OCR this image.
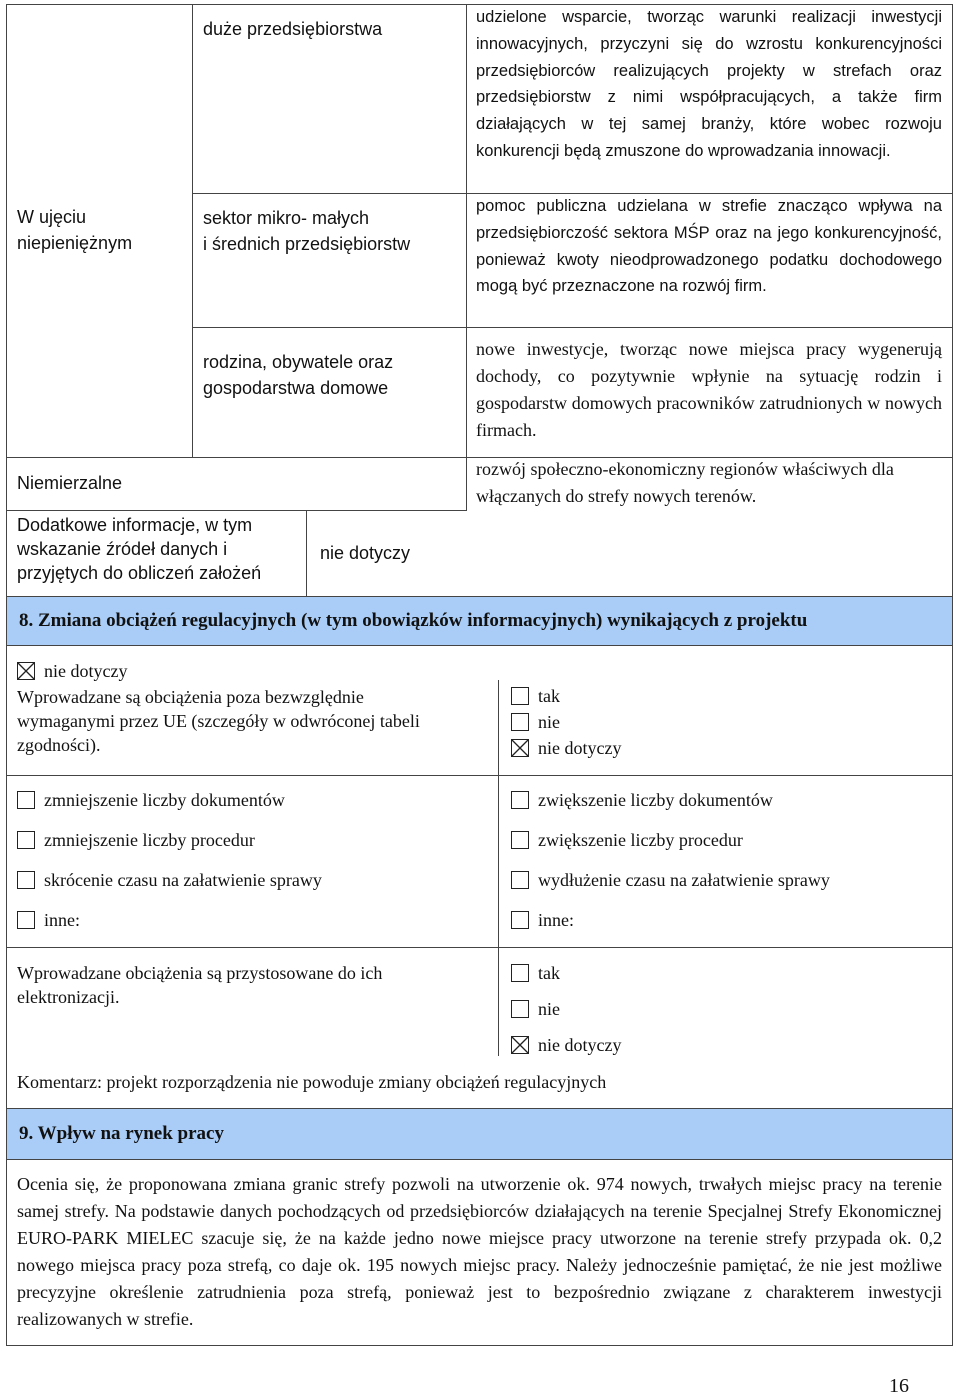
W ujęciu niepieniężnym
duże przedsiębiorstwa
sektor mikro- małych
i średnich przedsiębiorstw
rodzina, obywatele oraz gospodarstwa domowe
udzielone wsparcie, tworząc warunki realizacji inwestycji innowacyjnych, przyczyni się do wzrostu konkurencyjności przedsiębiorców realizujących projekty w strefach oraz przedsiębiorstw z nimi współpracujących, a także firm działających w tej samej branży, które wobec rozwoju konkurencji będą zmuszone do wprowadzania innowacji.
pomoc publiczna udzielana w strefie znacząco wpływa na przedsiębiorczość sektora MŚP oraz na jego konkurencyjność, ponieważ kwoty nieodprowadzonego podatku dochodowego mogą być przeznaczone na rozwój firm.
nowe inwestycje, tworząc nowe miejsca pracy wygenerują dochody, co pozytywnie wpłynie na sytuację rodzin i gospodarstw domowych pracowników zatrudnionych w nowych firmach.
rozwój społeczno-ekonomiczny regionów właściwych dla włączanych do strefy nowych terenów.
Niemierzalne
Dodatkowe informacje, w tym wskazanie źródeł danych i przyjętych do obliczeń założeń
nie dotyczy
8. Zmiana obciążeń regulacyjnych (w tym obowiązków informacyjnych) wynikających z projektu
nie dotyczy
Wprowadzane są obciążenia poza bezwzględnie wymaganymi przez UE (szczegóły w odwróconej tabeli zgodności).
tak
nie
nie dotyczy
zmniejszenie liczby dokumentów
zmniejszenie liczby procedur
skrócenie czasu na załatwienie sprawy
inne:
zwiększenie liczby dokumentów
zwiększenie liczby procedur
wydłużenie czasu na załatwienie sprawy
inne:
Wprowadzane obciążenia są przystosowane do ich elektronizacji.
tak
nie
nie dotyczy
Komentarz: projekt rozporządzenia nie powoduje zmiany obciążeń regulacyjnych
9. Wpływ na rynek pracy
Ocenia się, że proponowana zmiana granic strefy pozwoli na utworzenie ok. 974 nowych, trwałych miejsc pracy na terenie samej strefy. Na podstawie danych pochodzących od przedsiębiorców działających na terenie Specjalnej Strefy Ekonomicznej EURO-PARK MIELEC szacuje się, że na każde jedno nowe miejsce pracy utworzone na terenie strefy przypada ok. 0,2 nowego miejsca pracy poza strefą, co daje ok. 195 nowych miejsc pracy. Należy jednocześnie pamiętać, że nie jest możliwe precyzyjne określenie zatrudnienia poza strefą, ponieważ jest to bezpośrednio związane z charakterem inwestycji realizowanych w strefie.
16
